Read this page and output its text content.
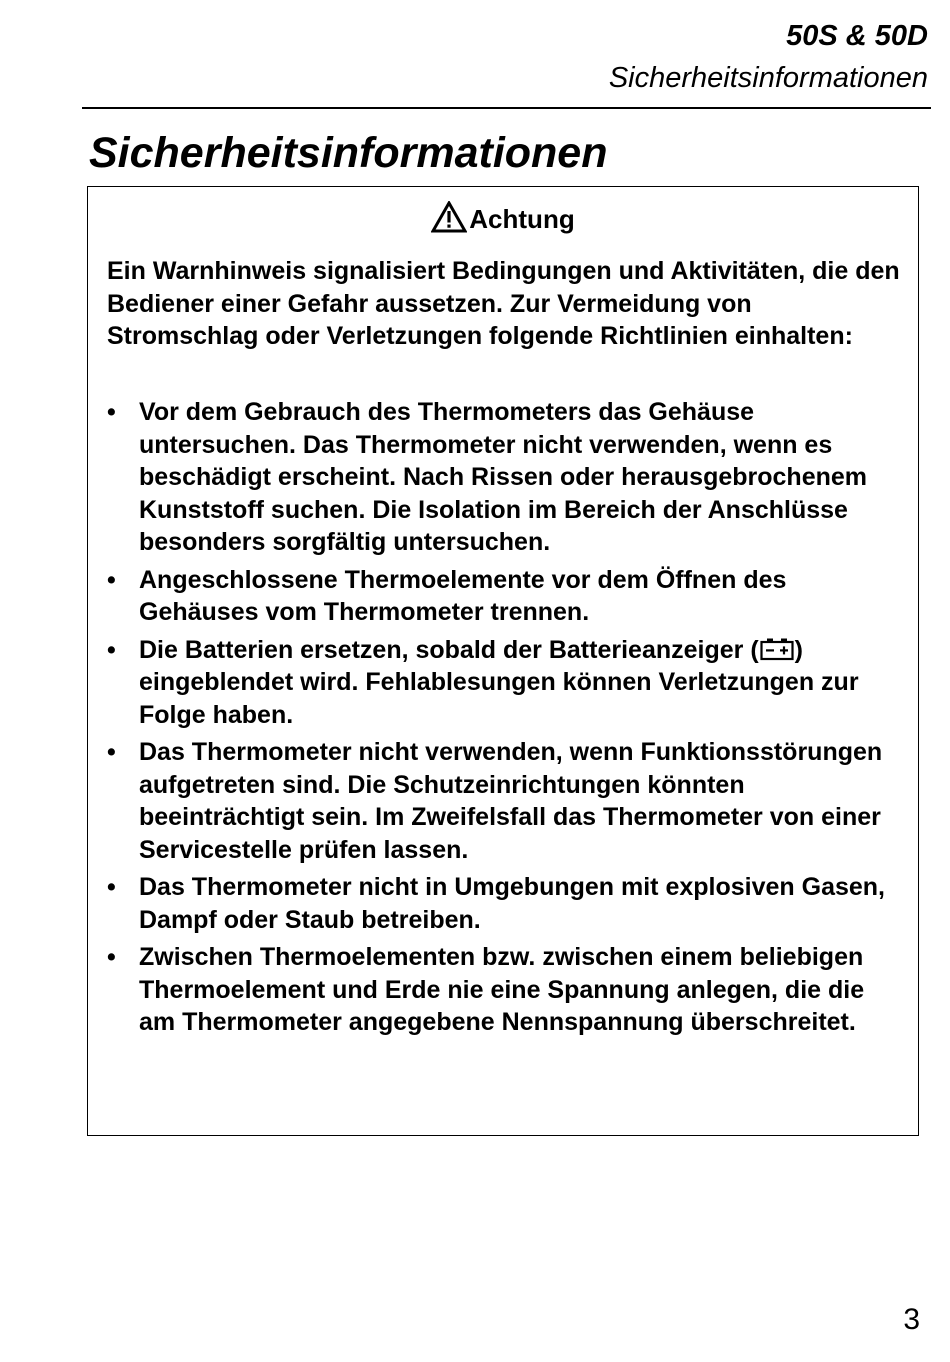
50S & 50D
Sicherheitsinformationen
Sicherheitsinformationen
Achtung

Ein Warnhinweis signalisiert Bedingungen und Aktivitäten, die den Bediener einer Gefahr aussetzen. Zur Vermeidung von Stromschlag oder Verletzungen folgende Richtlinien einhalten:

• Vor dem Gebrauch des Thermometers das Gehäuse untersuchen. Das Thermometer nicht verwenden, wenn es beschädigt erscheint. Nach Rissen oder herausgebrochenem Kunststoff suchen. Die Isolation im Bereich der Anschlüsse besonders sorgfältig untersuchen.
• Angeschlossene Thermoelemente vor dem Öffnen des Gehäuses vom Thermometer trennen.
• Die Batterien ersetzen, sobald der Batterieanzeiger ( ) eingeblendet wird. Fehlablesungen können Verletzungen zur Folge haben.
• Das Thermometer nicht verwenden, wenn Funktionsstörungen aufgetreten sind. Die Schutzeinrichtungen könnten beeinträchtigt sein. Im Zweifelsfall das Thermometer von einer Servicestelle prüfen lassen.
• Das Thermometer nicht in Umgebungen mit explosiven Gasen, Dampf oder Staub betreiben.
• Zwischen Thermoelementen bzw. zwischen einem beliebigen Thermoelement und Erde nie eine Spannung anlegen, die die am Thermometer angegebene Nennspannung überschreitet.
3
